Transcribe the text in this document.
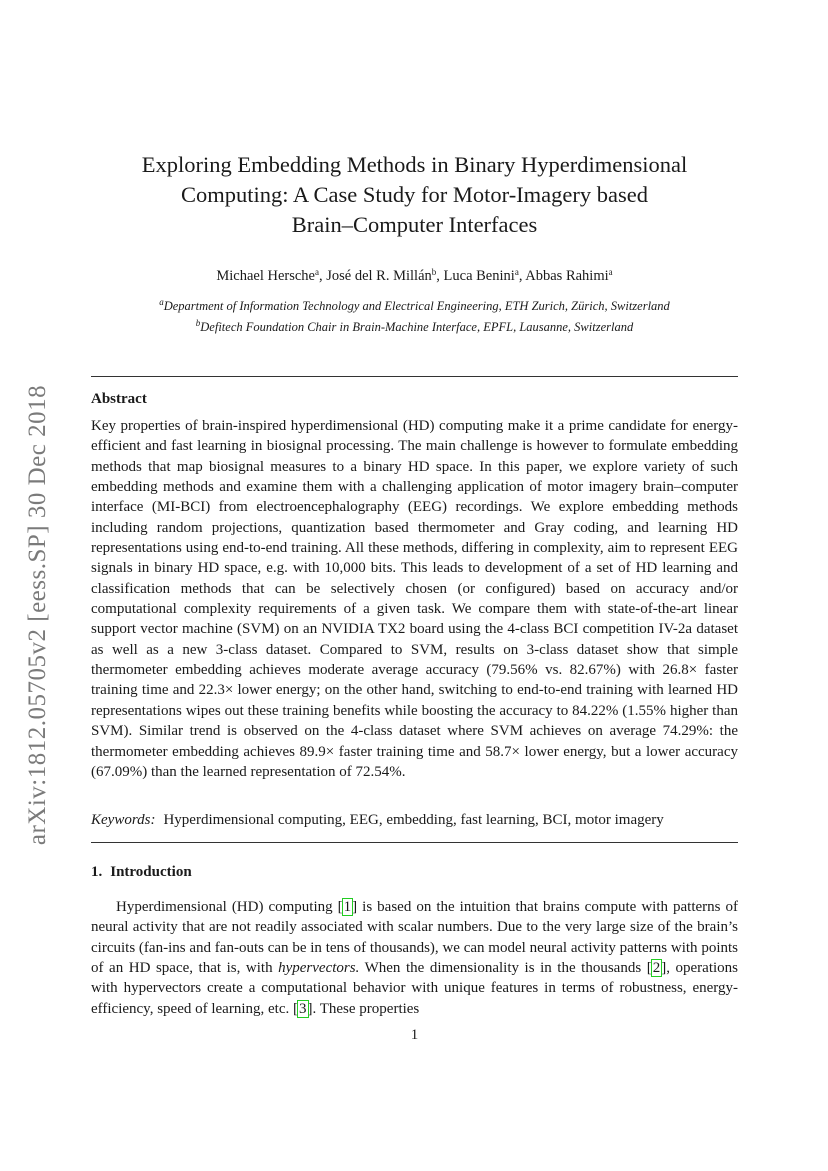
arXiv:1812.05705v2 [eess.SP] 30 Dec 2018
Exploring Embedding Methods in Binary Hyperdimensional
Computing: A Case Study for Motor-Imagery based
Brain–Computer Interfaces
Michael Hersche$^a$, José del R. Millán$^b$, Luca Benini$^a$, Abbas Rahimi$^a$
$^a$Department of Information Technology and Electrical Engineering, ETH Zurich, Zürich, Switzerland
$^b$Defitech Foundation Chair in Brain-Machine Interface, EPFL, Lausanne, Switzerland
Abstract
Key properties of brain-inspired hyperdimensional (HD) computing make it a prime candidate for energy-efficient and fast learning in biosignal processing. The main challenge is however to formulate embedding methods that map biosignal measures to a binary HD space. In this paper, we explore variety of such embedding methods and examine them with a challenging application of motor imagery brain–computer interface (MI-BCI) from electroencephalography (EEG) recordings. We explore embedding methods including random projections, quantization based thermometer and Gray coding, and learning HD representations using end-to-end training. All these methods, differing in complexity, aim to represent EEG signals in binary HD space, e.g. with 10,000 bits. This leads to development of a set of HD learning and classification methods that can be selectively chosen (or configured) based on accuracy and/or computational complexity requirements of a given task. We compare them with state-of-the-art linear support vector machine (SVM) on an NVIDIA TX2 board using the 4-class BCI competition IV-2a dataset as well as a new 3-class dataset. Compared to SVM, results on 3-class dataset show that simple thermometer embedding achieves moderate average accuracy (79.56% vs. 82.67%) with 26.8× faster training time and 22.3× lower energy; on the other hand, switching to end-to-end training with learned HD representations wipes out these training benefits while boosting the accuracy to 84.22% (1.55% higher than SVM). Similar trend is observed on the 4-class dataset where SVM achieves on average 74.29%: the thermometer embedding achieves 89.9× faster training time and 58.7× lower energy, but a lower accuracy (67.09%) than the learned representation of 72.54%.
Keywords: Hyperdimensional computing, EEG, embedding, fast learning, BCI, motor imagery
1. Introduction
Hyperdimensional (HD) computing [1] is based on the intuition that brains compute with patterns of neural activity that are not readily associated with scalar numbers. Due to the very large size of the brain’s circuits (fan-ins and fan-outs can be in tens of thousands), we can model neural activity patterns with points of an HD space, that is, with hypervectors. When the dimensionality is in the thousands [2], operations with hypervectors create a computational behavior with unique features in terms of robustness, energy-efficiency, speed of learning, etc. [3]. These properties
1
